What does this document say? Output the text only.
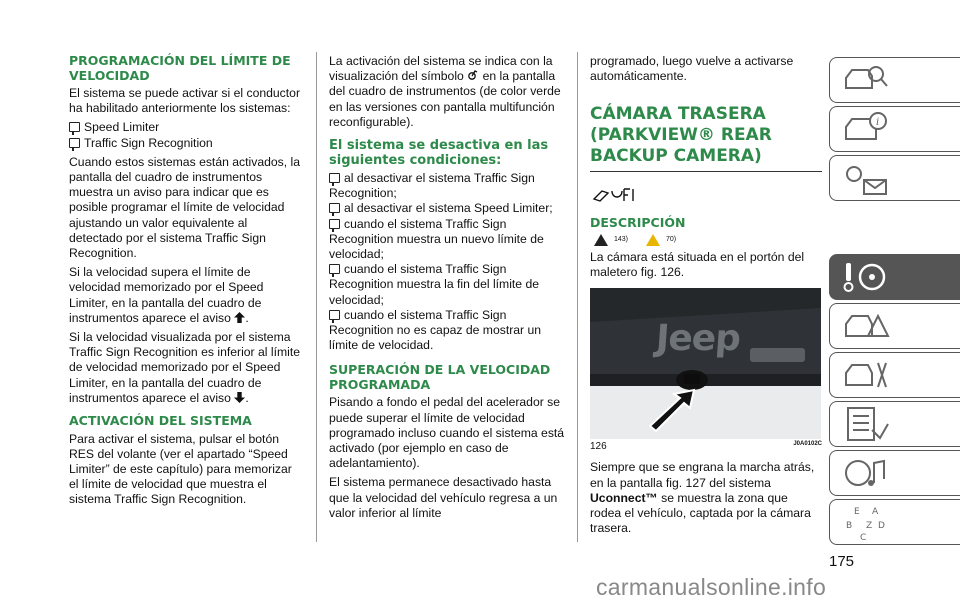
PROGRAMACIÓN DEL LÍMITE DE VELOCIDAD

El sistema se puede activar si el conductor ha habilitado anteriormente los sistemas:

Speed Limiter
Traffic Sign Recognition

Cuando estos sistemas están activados, la pantalla del cuadro de instrumentos muestra un aviso para indicar que es posible programar el límite de velocidad ajustando un valor equivalente al detectado por el sistema Traffic Sign Recognition.

Si la velocidad supera el límite de velocidad memorizado por el Speed Limiter, en la pantalla del cuadro de instrumentos aparece el aviso .

Si la velocidad visualizada por el sistema Traffic Sign Recognition es inferior al límite de velocidad memorizado por el Speed Limiter, en la pantalla del cuadro de instrumentos aparece el aviso .

ACTIVACIÓN DEL SISTEMA

Para activar el sistema, pulsar el botón RES del volante (ver el apartado “Speed Limiter” de este capítulo) para memorizar el límite de velocidad que muestra el sistema Traffic Sign Recognition.

La activación del sistema se indica con la visualización del símbolo en la pantalla del cuadro de instrumentos (de color verde en las versiones con pantalla multifunción reconfigurable).

El sistema se desactiva en las siguientes condiciones:
al desactivar el sistema Traffic Sign Recognition;
al desactivar el sistema Speed Limiter;
cuando el sistema Traffic Sign Recognition muestra un nuevo límite de velocidad;
cuando el sistema Traffic Sign Recognition muestra la fin del límite de velocidad;
cuando el sistema Traffic Sign Recognition no es capaz de mostrar un límite de velocidad.
SUPERACIÓN DE LA VELOCIDAD PROGRAMADA

Pisando a fondo el pedal del acelerador se puede superar el límite de velocidad programado incluso cuando el sistema está activado (por ejemplo en caso de adelantamiento).

El sistema permanece desactivado hasta que la velocidad del vehículo regresa a un valor inferior al límite

programado, luego vuelve a activarse automáticamente.

CÁMARA TRASERA (PARKVIEW® REAR BACKUP CAMERA)
DESCRIPCIÓN
143)	70)

La cámara está situada en el portón del maletero fig. 126.

Jeep
126	J0A0102C

Siempre que se engrana la marcha atrás, en la pantalla fig. 127 del sistema Uconnect™ se muestra la zona que rodea el vehículo, captada por la cámara trasera.

i
E A
B	D
C
Z
175
carmanualsonline.info
